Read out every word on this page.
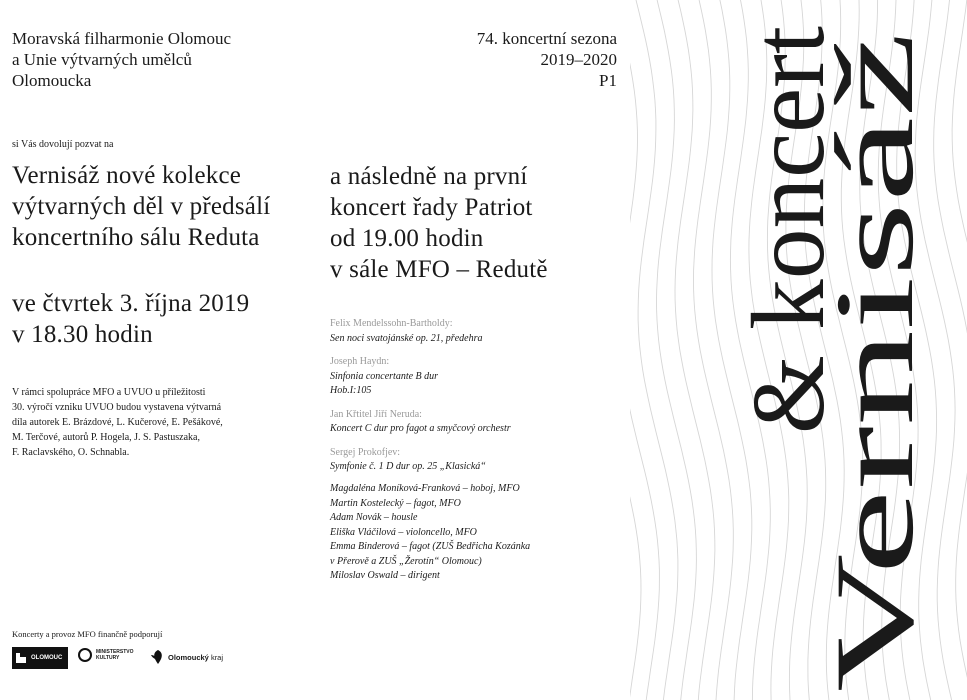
Moravská filharmonie Olomouc
a Unie výtvarných umělců
Olomoucka
74. koncertní sezona
2019–2020
P1
si Vás dovolují pozvat na
Vernisáž nové kolekce
výtvarných děl v předsálí
koncertního sálu Reduta
ve čtvrtek 3. října 2019
v 18.30 hodin
a následně na první
koncert řady Patriot
od 19.00 hodin
v sále MFO – Redutě
V rámci spolupráce MFO a UVUO u příležitosti
30. výročí vzniku UVUO budou vystavena výtvarná
díla autorek E. Brázdové, L. Kučerové, E. Pešákové,
M. Terčové, autorů P. Hogela, J. S. Pastuszaka,
F. Raclavského, O. Schnabla.
Felix Mendelssohn-Bartholdy:
Sen noci svatojánské op. 21, předehra
Joseph Haydn:
Sinfonia concertante B dur
Hob.I:105
Jan Křtitel Jiří Neruda:
Koncert C dur pro fagot a smyčcový orchestr
Sergej Prokofjev:
Symfonie č. 1 D dur op. 25 „Klasická“
Magdaléna Moníková-Franková – hoboj, MFO
Martin Kostelecký – fagot, MFO
Adam Novák – housle
Eliška Vláčilová – violoncello, MFO
Emma Binderová – fagot (ZUŠ Bedřicha Kozánka
v Přerově a ZUŠ „Žerotín“ Olomouc)
Miloslav Oswald – dirigent
Koncerty a provoz MFO finančně podporují
OLOMOUC
MINISTERSTVO
KULTURY	Olomoucký
kraj	Vernisáž
& koncert
